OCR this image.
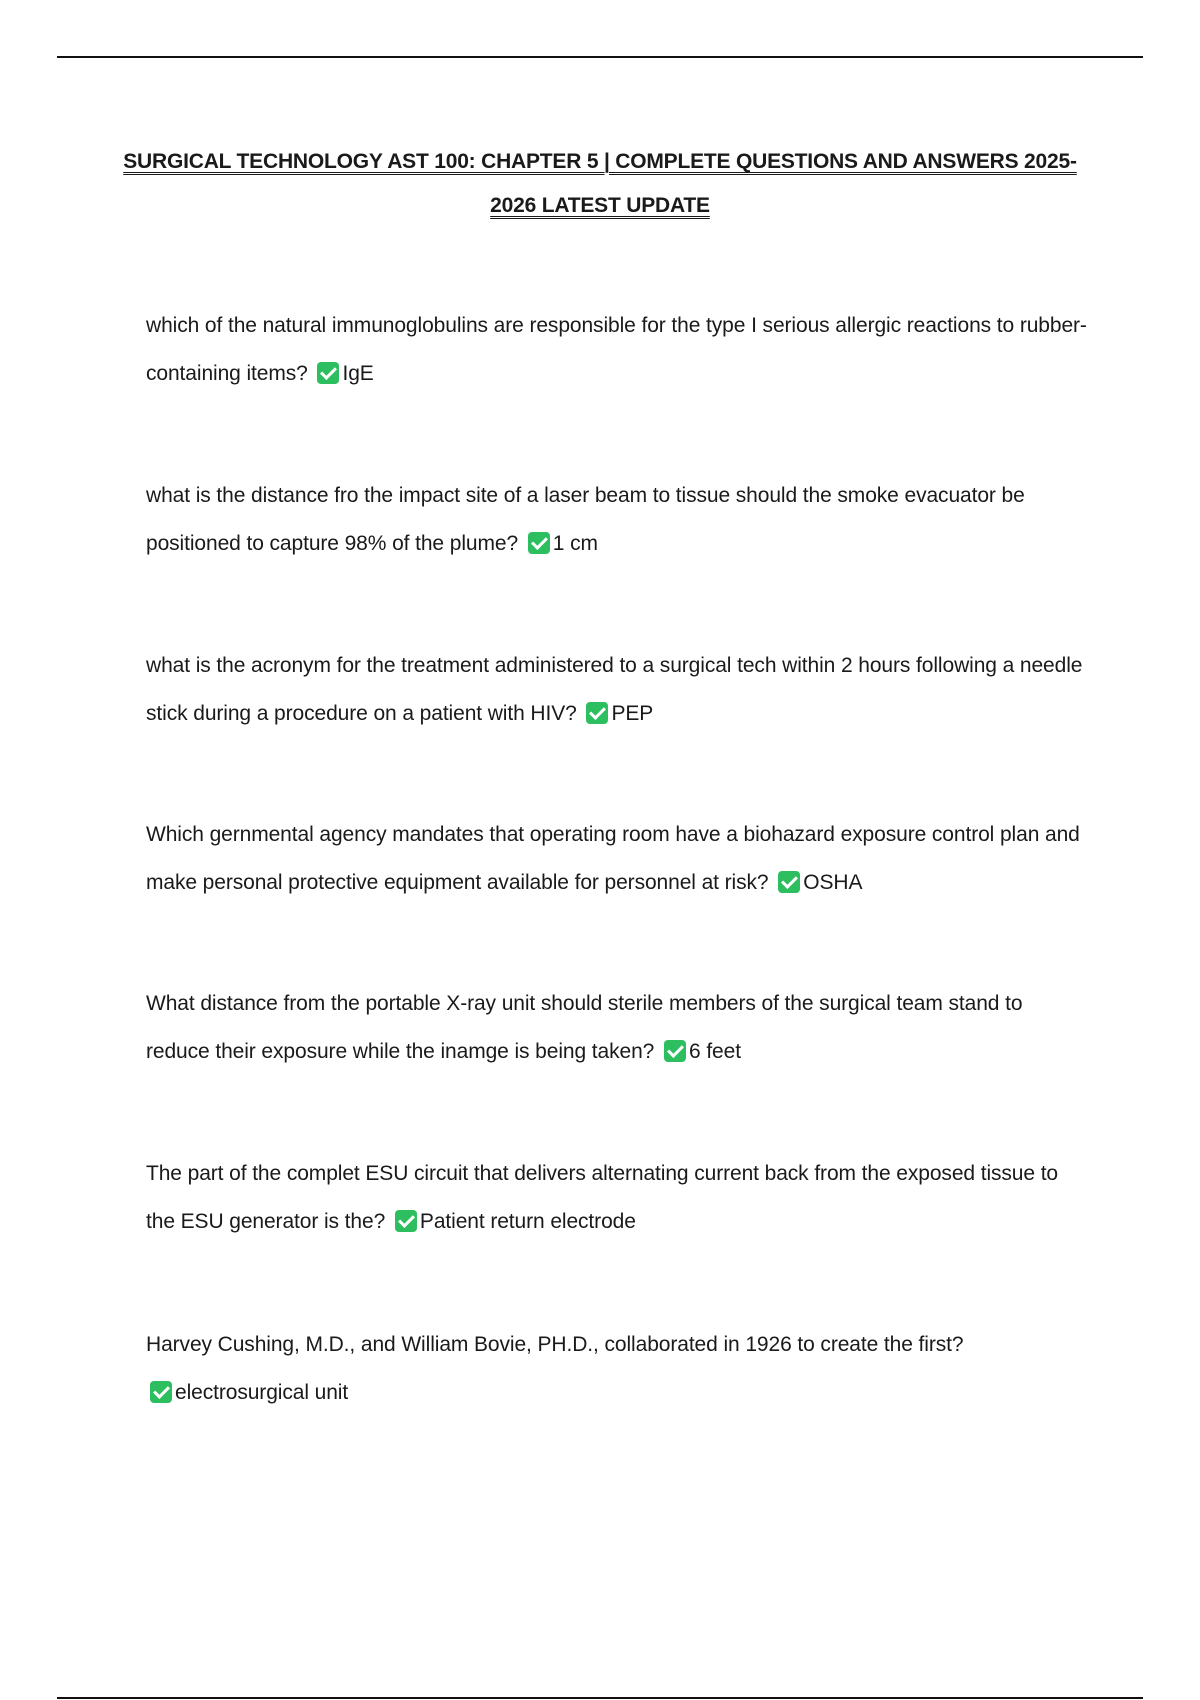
SURGICAL TECHNOLOGY AST 100: CHAPTER 5 | COMPLETE QUESTIONS AND ANSWERS 2025-
2026 LATEST UPDATE
which of the natural immunoglobulins are responsible for the type I serious allergic reactions to rubber-containing items? IgE
what is the distance fro the impact site of a laser beam to tissue should the smoke evacuator be positioned to capture 98% of the plume? 1 cm
what is the acronym for the treatment administered to a surgical tech within 2 hours following a needle stick during a procedure on a patient with HIV? PEP
Which gernmental agency mandates that operating room have a biohazard exposure control plan and make personal protective equipment available for personnel at risk? OSHA
What distance from the portable X-ray unit should sterile members of the surgical team stand to reduce their exposure while the inamge is being taken? 6 feet
The part of the complet ESU circuit that delivers alternating current back from the exposed tissue to the ESU generator is the? Patient return electrode
Harvey Cushing, M.D., and William Bovie, PH.D., collaborated in 1926 to create the first?
electrosurgical unit
